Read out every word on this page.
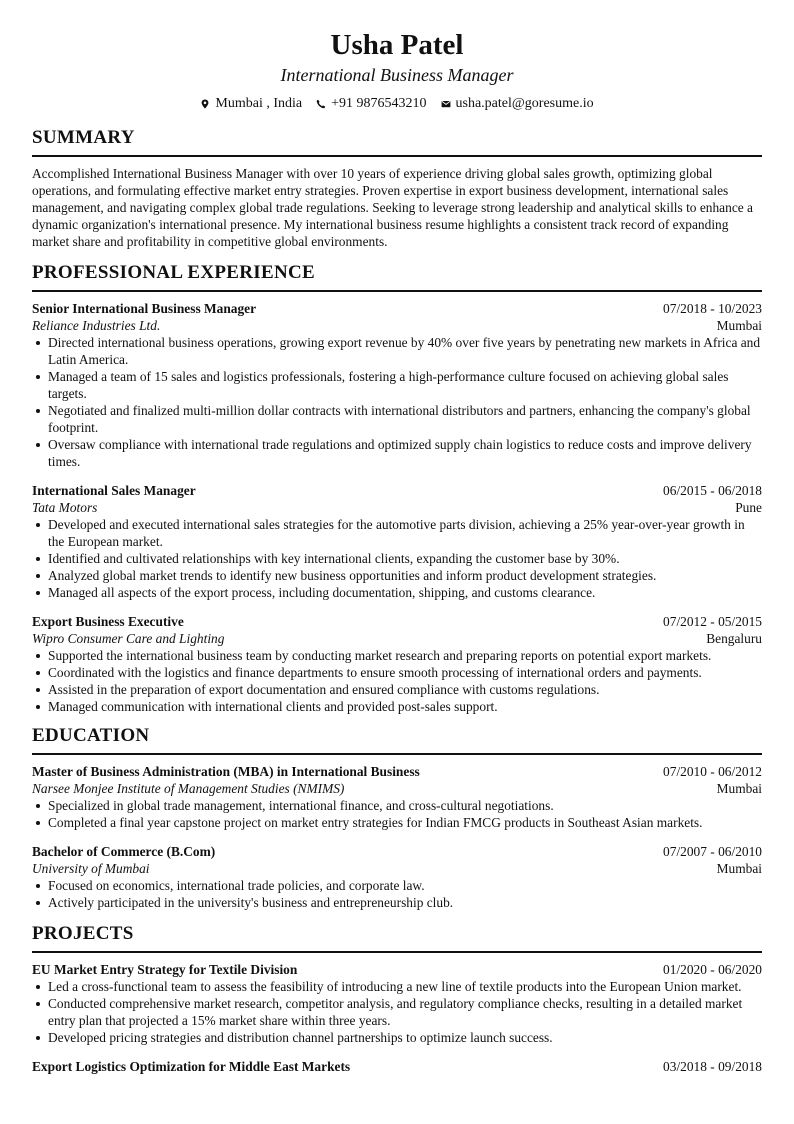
Usha Patel
International Business Manager
Mumbai , India +91 9876543210 usha.patel@goresume.io
SUMMARY

Accomplished International Business Manager with over 10 years of experience driving global sales growth, optimizing global operations, and formulating effective market entry strategies. Proven expertise in export business development, international sales management, and navigating complex global trade regulations. Seeking to leverage strong leadership and analytical skills to enhance a dynamic organization's international presence. My international business resume highlights a consistent track record of expanding market share and profitability in competitive global environments.

PROFESSIONAL EXPERIENCE
Senior International Business Manager	07/2018 - 10/2023
Reliance Industries Ltd.	Mumbai
Directed international business operations, growing export revenue by 40% over five years by penetrating new markets in Africa and Latin America.
Managed a team of 15 sales and logistics professionals, fostering a high-performance culture focused on achieving global sales targets.
Negotiated and finalized multi-million dollar contracts with international distributors and partners, enhancing the company's global footprint.
Oversaw compliance with international trade regulations and optimized supply chain logistics to reduce costs and improve delivery times.
International Sales Manager	06/2015 - 06/2018
Tata Motors	Pune
Developed and executed international sales strategies for the automotive parts division, achieving a 25% year-over-year growth in the European market.
Identified and cultivated relationships with key international clients, expanding the customer base by 30%.
Analyzed global market trends to identify new business opportunities and inform product development strategies.
Managed all aspects of the export process, including documentation, shipping, and customs clearance.
Export Business Executive	07/2012 - 05/2015
Wipro Consumer Care and Lighting	Bengaluru
Supported the international business team by conducting market research and preparing reports on potential export markets.
Coordinated with the logistics and finance departments to ensure smooth processing of international orders and payments.
Assisted in the preparation of export documentation and ensured compliance with customs regulations.
Managed communication with international clients and provided post-sales support.
EDUCATION
Master of Business Administration (MBA) in International Business	07/2010 - 06/2012
Narsee Monjee Institute of Management Studies (NMIMS)	Mumbai
Specialized in global trade management, international finance, and cross-cultural negotiations.
Completed a final year capstone project on market entry strategies for Indian FMCG products in Southeast Asian markets.
Bachelor of Commerce (B.Com)	07/2007 - 06/2010
University of Mumbai	Mumbai
Focused on economics, international trade policies, and corporate law.
Actively participated in the university's business and entrepreneurship club.
PROJECTS
EU Market Entry Strategy for Textile Division	01/2020 - 06/2020
Led a cross-functional team to assess the feasibility of introducing a new line of textile products into the European Union market.
Conducted comprehensive market research, competitor analysis, and regulatory compliance checks, resulting in a detailed market entry plan that projected a 15% market share within three years.
Developed pricing strategies and distribution channel partnerships to optimize launch success.
Export Logistics Optimization for Middle East Markets	03/2018 - 09/2018
